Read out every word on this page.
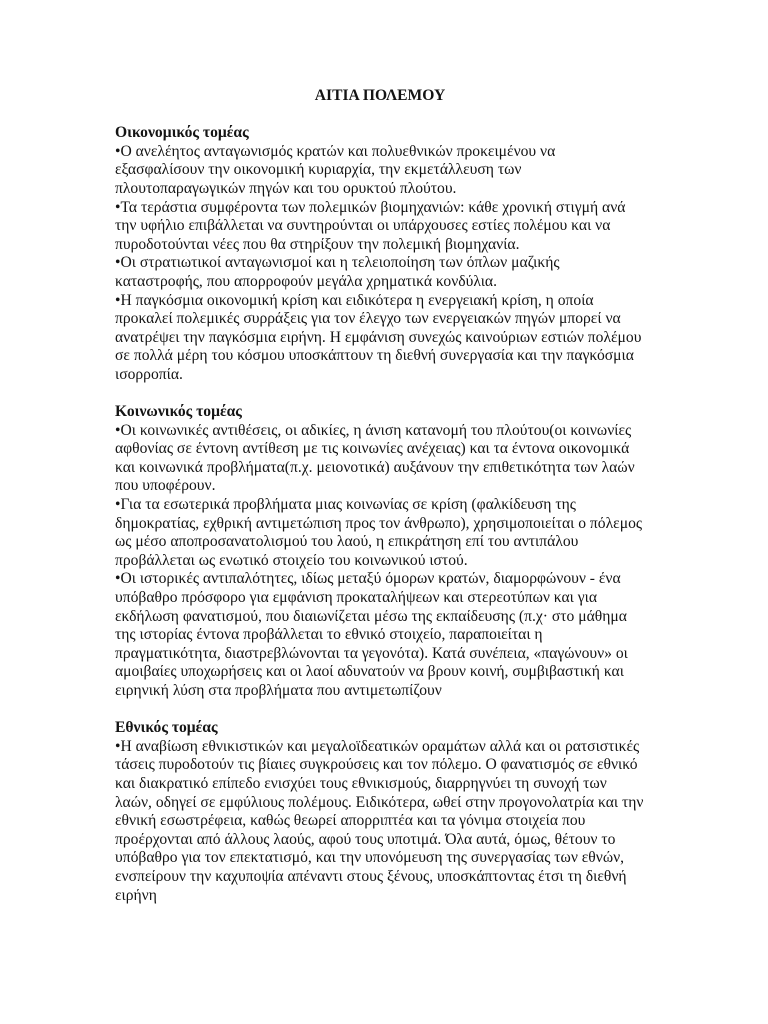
ΑΙΤΙΑ ΠΟΛΕΜΟΥ

Οικονομικός τομέας

•Ο ανελέητος ανταγωνισμός κρατών και πολυεθνικών προκειμένου να εξασφαλίσουν την οικονομική κυριαρχία, την εκμετάλλευση των πλουτοπαραγωγικών πηγών και του ορυκτού πλούτου.

•Τα τεράστια συμφέροντα των πολεμικών βιομηχανιών: κάθε χρονική στιγμή ανά την υφήλιο επιβάλλεται να συντηρούνται οι υπάρχουσες εστίες πολέμου και να πυροδοτούνται νέες που θα στηρίξουν την πολεμική βιομηχανία.

•Οι στρατιωτικοί ανταγωνισμοί και η τελειοποίηση των όπλων μαζικής καταστροφής, που απορροφούν μεγάλα χρηματικά κονδύλια.

•Η παγκόσμια οικονομική κρίση και ειδικότερα η ενεργειακή κρίση, η οποία προκαλεί πολεμικές συρράξεις για τον έλεγχο των ενεργειακών πηγών μπορεί να ανατρέψει την παγκόσμια ειρήνη. Η εμφάνιση συνεχώς καινούριων εστιών πολέμου σε πολλά μέρη του κόσμου υποσκάπτουν τη διεθνή συνεργασία και την παγκόσμια ισορροπία.

Κοινωνικός τομέας

•Οι κοινωνικές αντιθέσεις, οι αδικίες, η άνιση κατανομή του πλούτου(οι κοινωνίες αφθονίας σε έντονη αντίθεση με τις κοινωνίες ανέχειας) και τα έντονα οικονομικά και κοινωνικά προβλήματα(π.χ. μειονοτικά) αυξάνουν την επιθετικότητα των λαών που υποφέρουν.

•Για τα εσωτερικά προβλήματα μιας κοινωνίας σε κρίση (φαλκίδευση της δημοκρατίας, εχθρική αντιμετώπιση προς τον άνθρωπο), χρησιμοποιείται ο πόλεμος ως μέσο αποπροσανατολισμού του λαού, η επικράτηση επί του αντιπάλου προβάλλεται ως ενωτικό στοιχείο του κοινωνικού ιστού.

•Οι ιστορικές αντιπαλότητες, ιδίως μεταξύ όμορων κρατών, διαμορφώνουν - ένα υπόβαθρο πρόσφορο για εμφάνιση προκαταλήψεων και στερεοτύπων και για εκδήλωση φανατισμού, που διαιωνίζεται μέσω της εκπαίδευσης (π.χ· στο μάθημα της ιστορίας έντονα προβάλλεται το εθνικό στοιχείο, παραποιείται η πραγματικότητα, διαστρεβλώνονται τα γεγονότα). Κατά συνέπεια, «παγώνουν» οι αμοιβαίες υποχωρήσεις και οι λαοί αδυνατούν να βρουν κοινή, συμβιβαστική και ειρηνική λύση στα προβλήματα που αντιμετωπίζουν

Εθνικός τομέας

•Η αναβίωση εθνικιστικών και μεγαλοϊδεατικών οραμάτων αλλά και οι ρατσιστικές τάσεις πυροδοτούν τις βίαιες συγκρούσεις και τον πόλεμο. Ο φανατισμός σε εθνικό και διακρατικό επίπεδο ενισχύει τους εθνικισμούς, διαρρηγνύει τη συνοχή των λαών, οδηγεί σε εμφύλιους πολέμους. Ειδικότερα, ωθεί στην προγονολατρία και την εθνική εσωστρέφεια, καθώς θεωρεί απορριπτέα και τα γόνιμα στοιχεία που προέρχονται από άλλους λαούς, αφού τους υποτιμά. Όλα αυτά, όμως, θέτουν το υπόβαθρο για τον επεκτατισμό, και την υπονόμευση της συνεργασίας των εθνών, ενσπείρουν την καχυποψία απέναντι στους ξένους, υποσκάπτοντας έτσι τη διεθνή ειρήνη
